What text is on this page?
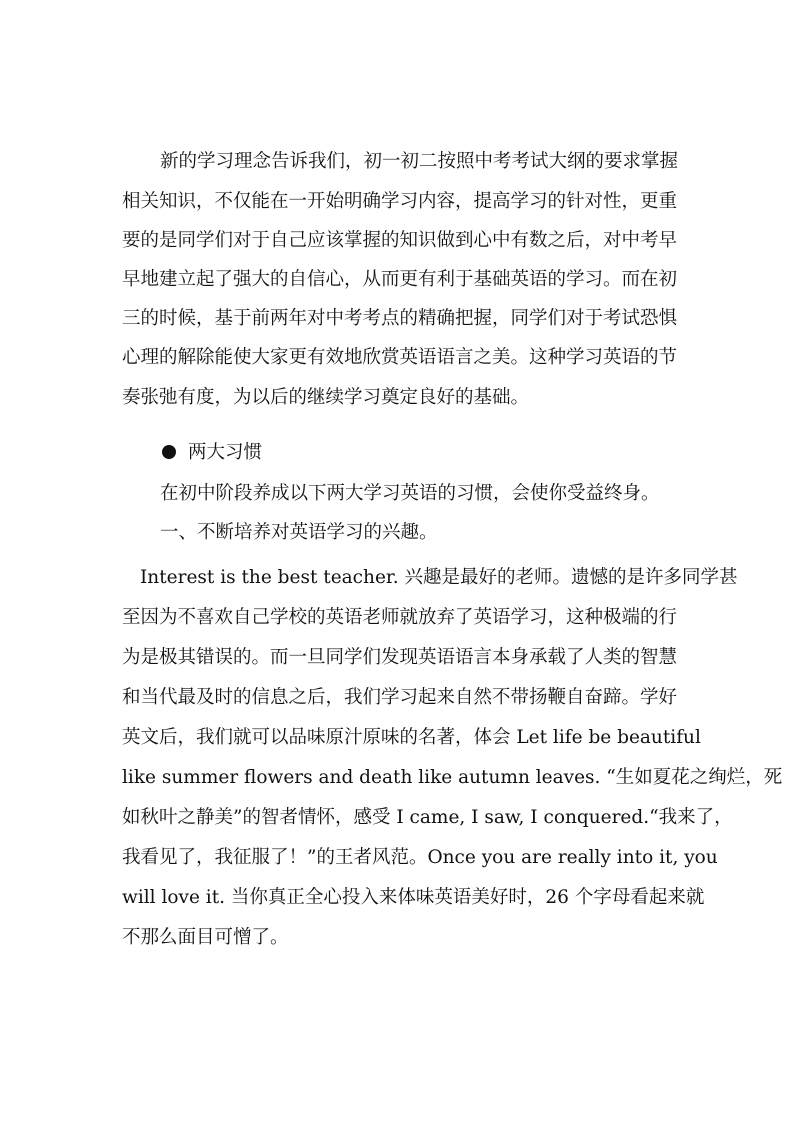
新的学习理念告诉我们，初一初二按照中考考试大纲的要求掌握
相关知识，不仅能在一开始明确学习内容，提高学习的针对性，更重
要的是同学们对于自己应该掌握的知识做到心中有数之后，对中考早
早地建立起了强大的自信心，从而更有利于基础英语的学习。而在初
三的时候，基于前两年对中考考点的精确把握，同学们对于考试恐惧
心理的解除能使大家更有效地欣赏英语语言之美。这种学习英语的节
奏张弛有度，为以后的继续学习奠定良好的基础。
两大习惯
在初中阶段养成以下两大学习英语的习惯，会使你受益终身。
一、不断培养对英语学习的兴趣。
Interest is the best teacher. 兴趣是最好的老师。遗憾的是许多同学甚
至因为不喜欢自己学校的英语老师就放弃了英语学习，这种极端的行
为是极其错误的。而一旦同学们发现英语语言本身承载了人类的智慧
和当代最及时的信息之后，我们学习起来自然不带扬鞭自奋蹄。学好
英文后，我们就可以品味原汁原味的名著，体会 Let life be beautiful
like summer flowers and death like autumn leaves. “生如夏花之绚烂，死
如秋叶之静美”的智者情怀，感受 I came, I saw, I conquered.“我来了，
我看见了，我征服了！”的王者风范。Once you are really into it, you
will love it. 当你真正全心投入来体味英语美好时，26 个字母看起来就
不那么面目可憎了。
